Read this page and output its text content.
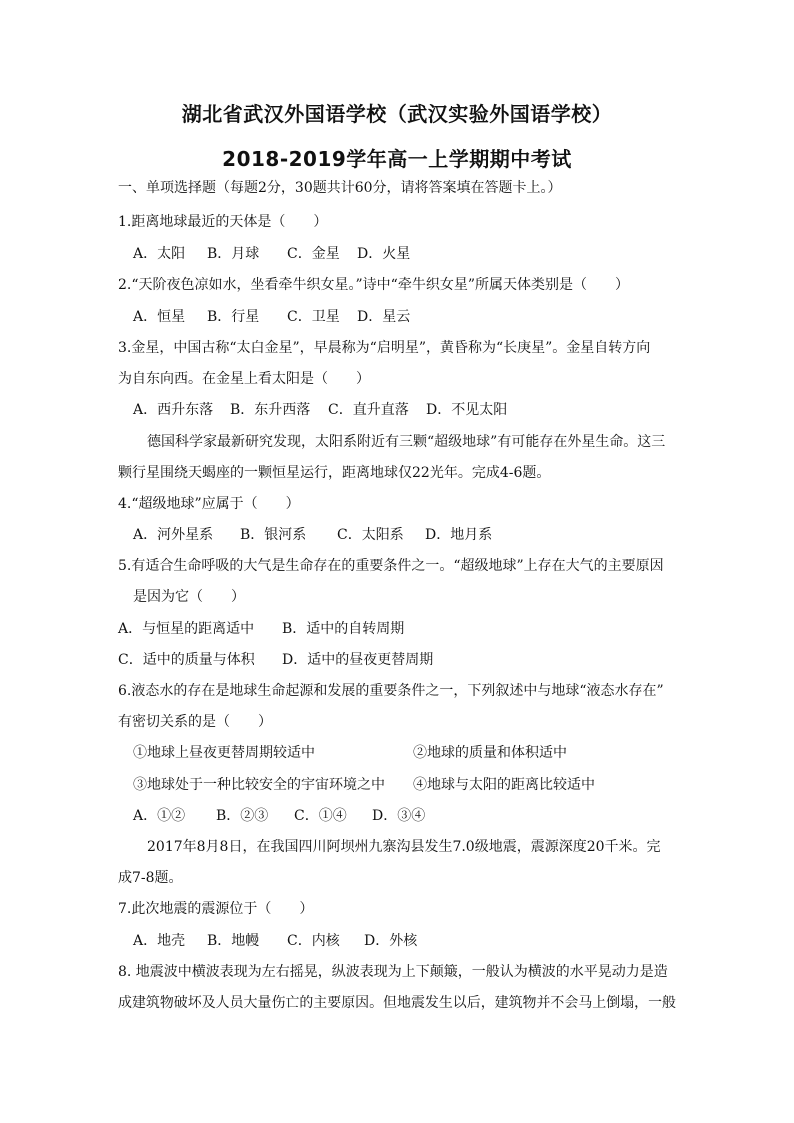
湖北省武汉外国语学校（武汉实验外国语学校）
2018-2019学年高一上学期期中考试
一、单项选择题（每题2分，30题共计60分，请将答案填在答题卡上。）
1.距离地球最近的天体是（　　）
A．太阳 B．月球 C．金星 D．火星
2.“天阶夜色凉如水，坐看牵牛织女星。”诗中“牵牛织女星”所属天体类别是（　　）
A．恒星 B．行星 C．卫星 D．星云
3.金星，中国古称“太白金星”，早晨称为“启明星”，黄昏称为“长庚星”。金星自转方向
为自东向西。在金星上看太阳是（　　）
A．西升东落 B．东升西落 C．直升直落 D．不见太阳
德国科学家最新研究发现，太阳系附近有三颗“超级地球”有可能存在外星生命。这三
颗行星围绕天蝎座的一颗恒星运行，距离地球仅22光年。完成4-6题。
4.“超级地球”应属于（　　）
A．河外星系 B．银河系 C．太阳系 D．地月系
5.有适合生命呼吸的大气是生命存在的重要条件之一。“超级地球”上存在大气的主要原因
是因为它（　　）
A．与恒星的距离适中 B．适中的自转周期
C．适中的质量与体积 D．适中的昼夜更替周期
6.液态水的存在是地球生命起源和发展的重要条件之一，下列叙述中与地球“液态水存在”
有密切关系的是（　　）
①地球上昼夜更替周期较适中	②地球的质量和体积适中
③地球处于一种比较安全的宇宙环境之中 ④地球与太阳的距离比较适中
A．①② B．②③ C．①④ D．③④
2017年8月8日，在我国四川阿坝州九寨沟县发生7.0级地震，震源深度20千米。完
成7-8题。
7.此次地震的震源位于（　　）
A．地壳 B．地幔 C．内核 D．外核
8. 地震波中横波表现为左右摇晃，纵波表现为上下颠簸，一般认为横波的水平晃动力是造
成建筑物破坏及人员大量伤亡的主要原因。但地震发生以后，建筑物并不会马上倒塌，一般
